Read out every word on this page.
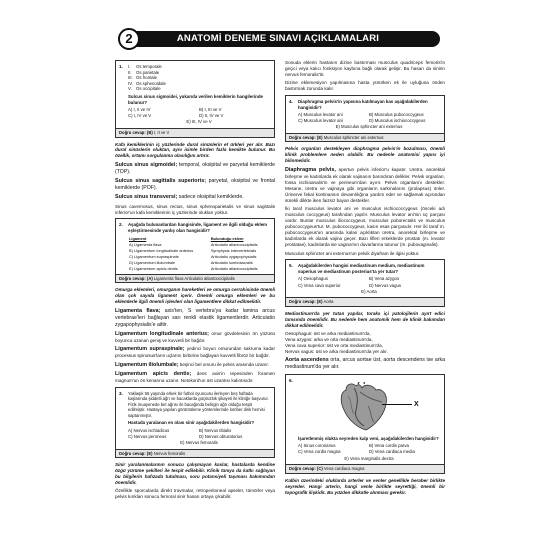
2	ANATOMİ DENEME SINAVI AÇIKLAMALARI
1. I.	Os temporale
II.	Os parietale
III. Os frontale
IV. Os sphenoidale
V.	Os occipitale
Sulcus sinus sigmoidei, yukarıda verilen kemiklerin hangilerinde bulunur?
A) I, II ve IV	B) I, III ve V
C) I, IV ve V	D) II, IV ve V
E) III, IV ve V
Doğru cevap: (B) I, II ve V

Kafa kemiklerinin iç yüzlerinde dural sinüslerin et ürkleri yer alır. Bazı dural sinüslerin oluktan, aynı isimle birden fazla kemikte bulunur. Bu özellik, ortamı sorgulanma olasılığını artırır.

Sulcus sinus sigmoidei; temporal, oksipital ve paryetal kemiklerde (TOP).

Sulcus sinus sagittalis superioris; paryetal, oksipital ve frontal kemiklerde (POF).

Sulcus sinus transversi; sadece oksipital kemiklerde.

Sinus cavernosus, sinus rectus, sinus sphenoparietalis ve sinus sagittalis inferior'un kafa kemiklerinin iç yüzlerinde olukları yoktur.

2. Aşağıda bulunanlardan hangisinde, ligament ve ilgili olduğu eklem eşleştirmesinde yanlış olan hangisidir?
Ligament	Bulunduğu eklem
A) Ligamenta flava	Articulatio atlantooccipitalis
B) Ligamentum longitudinale anterius	Symphysis intervertebralis
C) Ligamentum supraspinale	Articulatio zygapophysialis
D) Ligamentum iliolumbale	Articulatio lumbosacralis
E) Ligamentum apicis dentis	Articulatio atlantooccipitalis
Doğru cevap: (A) Ligamenta flava Articulatio atlantooccipitalis

Omurga eklemleri, omurganın hareketleri ve omurga cerrahisinde önemli olan çok sayıda ligament içerir. Önemli omurga eklemleri ve bu eklemlerle ilgili önemli işlevleri olan ligamentlere dikkat edilmelidir.

Ligamenta flava; axis'ten, S vertebra'ya kadar lamina arcus vertebrae'leri bağlayan sarı renkli elastik ligamentlerdir. Articulatio zygapophysialis'e aittir.

Ligamentum longitudinale anterius; omur gövdelesinin ön yüzünü boyunca uzanan geniş ve kuvvetli bir bağdır.

Ligamentum supraspinale; yedinci boyun omurundan sakruma kadar processus spinosus'ların uçlarını birbirine bağlayan kuvvetli fibröz bir bağdır.

Ligamentum iliolumbale; beşinci bel omuru ile pelvis arasında uzanır.

Ligamentum apicis dentis; dens axis'in tepesinden foramen magnum'un ön kenarına uzanır. Notokord'un üst uzantısı kalıntısıdır.

3. Yaklaşık 55 yaşında erkek bir futbol oyuncusu ilerleyen beş haftada kaşlarında şiddetli ağrı ve bacaklarda güçsüzlük şikayeti ile kliniğe başvurur. Fizik muayenede bel ağrısı ile bacağında belirgin ağrı olduğu tespit edilmiştir. Hastaya yapılan görüntüleme yöntemlerinde lomber disk hernisi saptanmıştır.
Hastada yaralanan en olası sinir aşağıdakilerden hangisidir?
A) Nervus ischiadicus	B) Nervus tibialis
C) Nervus peroneus	D) Nervus obturatorius
E) Nervus femoralis
Doğru cevap: (E) Nervus femoralis

Sinir yaralanmalarının sonucu çalışmayan kaslar, hastalarda kendine özgü yürüme şekilleri ile tespit edilebilir. Klinik tanıya da katkı sağlayan bu bilgilerin hafızada tutulması, soru potansiyeli taşıması bakımından önemlidir.

Özellikle sporcularda direkt travmalar, retroperitoneal apseler, tümörler veya pelvis kırıkları sonucu femoral sinir hasarı ortaya çıkabilir.

Sonuda eklerin hastanın dizine bastırması musculus quadriceps femoris'in geçici veya kalıcı fonksiyon kaybına bağlı olarak gelişir. Bu hasarı da sinirin nervus femoralis'tir.

Dizine eklemesiyon yapılmasına hasta yürürken ek ile uyluğuna önden bastırmak zorunda kalır.

4. Diaphragma pelvis'in yapısına katılmayan kas aşağıdakilerden hangisidir?
A) Musculus levator ani	B) Musculus pubococcygeus
C) Musculus levator ani	D) Musculus ischiococcygeus
E) Musculus sphincter ani externus
Doğru cevap: (E) Musculus sphincter ani externus

Pelvis organları destekleyen diaphragma pelvis'in bozulması, önemli klinik problemlere neden olabilir. Bu nedenle anatomisi yapısı iyi bilinmelidir.

Diaphragma pelvis, aperturı pelvis inferior'u kapatır. Uretra, anorektal birleşme ve kadınlarda ek olarak vajinanın barındıran delikler. Pelvik organları, fossa ischioanalis'in ve perineum'dan ayırır. Pelvis organlarını destekler. Mesane, üretra ve vajinaya gibi organların sarkmalarını (prolapsus) önler. Ürinerve fekal kontinansın devamlılığına yardım eder ve sağlamak açısından sürekli dikkte iken faizsiz bayan destekler.

İki taraf musculus levator ani ve musculus ischiococcygeus (önceki adı musculus coccygeus) tarafından yapılır. Musculus levator ani'nin üç parçası vardır. Bunlar musculus iliococcygeus, musculus puborectalis ve musculus pubococcygeus'tur. M. pubococcygeus, kasın esas parçasıdır. Her iki taraf m. pubococcygeus'un arasında kalan açıklıktan üretra, anorektal birleşme ve kadınlarda ek olarak vajina geçer. Bazı lifleri erkeklerde prostatı (m. levator prostatae), kadınlarda ise vagina'nın duvarlarına tutunur (m. pubovaginalis).

Musculus sphincter ani externus'un pelvik diyafram ile ilgisi yoktur.

5. Aşağıdakilerden hangisi mediastinum medium, mediastinum superius ve mediastinum posterius'ta yer tutar?
A) Oesophagus	B) Vena azygos
C) Vena cava superior	D) Nervus vagus
E) Aorta
Doğru cevap: (E) Aorta

Mediastinum'da yer tutan yapılar, toraks içi patolojilerin ayırt edici tanısında önemlidir. Bu nedenle hem anatomik hem de klinik bakımdan dikkat edilmelidir.

Oesophagus: üst ve arka mediastinum'da,

Vena azygos: arka ve orta mediastinum'da,

Vena cava superior: üst ve orta mediastinum'da,

Nervus vagus: üst ve arka mediastinum'da yer alır.

Aorta ascendens orta, arcus aortae üst, aorta descendens ise arka mediastinum'da yer alır.

6.
X
İşaretlenmiş olukta seyreden kalp veni, aşağıdakilerden hangisidir?
A) Sinus coronarius	B) Vena cordis parva
C) Vena cordis magna	D) Vena cardiaca media
E) Vena marginalis dextra
Doğru cevap: (C) Vena cardiaca magna

Kalbin üzerindeki oluklarda arterler ve venler genellikle beraber birlikte seyreder. Hangi arterin, hangi venle birlikte seyrettiği, önemli bir topografik ilişkidir. Bu yüzden dikkatle alınması gerekir.
